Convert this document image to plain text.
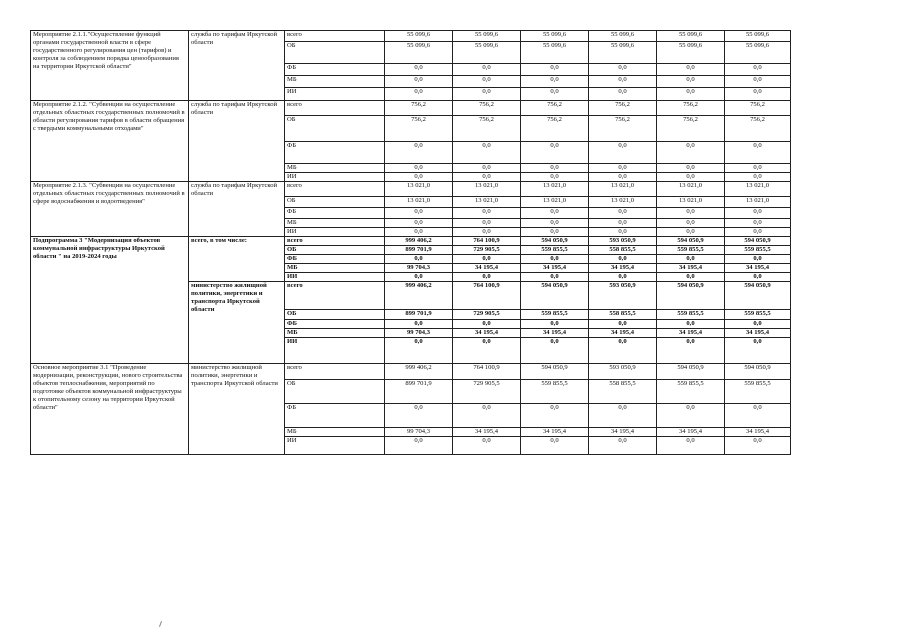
Мероприятие 2.1.1."Осуществление функций органами государственной власти в сфере государственного регулирования цен (тарифов) и контроля за соблюдением порядка ценообразования на территории Иркутской области"	служба по тарифам Иркутской области	всего	55 099,6	55 099,6	55 099,6	55 099,6	55 099,6	55 099,6
		ОБ	55 099,6	55 099,6	55 099,6	55 099,6	55 099,6	55 099,6
		ФБ	0,0	0,0	0,0	0,0	0,0	0,0
		МБ	0,0	0,0	0,0	0,0	0,0	0,0
		ИИ	0,0	0,0	0,0	0,0	0,0	0,0
Мероприятие 2.1.2. "Субвенции на осуществление отдельных областных государственных полномочий в области регулирования тарифов в области обращения с твердыми коммунальными отходами"	служба по тарифам Иркутской области	всего	756,2	756,2	756,2	756,2	756,2	756,2
		ОБ	756,2	756,2	756,2	756,2	756,2	756,2
		ФБ	0,0	0,0	0,0	0,0	0,0	0,0
		МБ	0,0	0,0	0,0	0,0	0,0	0,0
		ИИ	0,0	0,0	0,0	0,0	0,0	0,0
Мероприятие 2.1.3. "Субвенции на осуществление отдельных областных государственных полномочий в сфере водоснабжения и водоотведения"	служба по тарифам Иркутской области	всего	13 021,0	13 021,0	13 021,0	13 021,0	13 021,0	13 021,0
		ОБ	13 021,0	13 021,0	13 021,0	13 021,0	13 021,0	13 021,0
		ФБ	0,0	0,0	0,0	0,0	0,0	0,0
		МБ	0,0	0,0	0,0	0,0	0,0	0,0
		ИИ	0,0	0,0	0,0	0,0	0,0	0,0
Подпрограмма 3 "Модернизация объектов коммунальной инфраструктуры Иркутской области " на 2019-2024 годы	всего, в том числе:	всего	999 406,2	764 100,9	594 050,9	593 050,9	594 050,9	594 050,9
		ОБ	899 701,9	729 905,5	559 855,5	558 855,5	559 855,5	559 855,5
		ФБ	0,0	0,0	0,0	0,0	0,0	0,0
		МБ	99 704,3	34 195,4	34 195,4	34 195,4	34 195,4	34 195,4
		ИИ	0,0	0,0	0,0	0,0	0,0	0,0
	министерство жилищной политики, энергетики и транспорта Иркутской области	всего	999 406,2	764 100,9	594 050,9	593 050,9	594 050,9	594 050,9
		ОБ	899 701,9	729 905,5	559 855,5	558 855,5	559 855,5	559 855,5
		ФБ	0,0	0,0	0,0	0,0	0,0	0,0
		МБ	99 704,3	34 195,4	34 195,4	34 195,4	34 195,4	34 195,4
		ИИ	0,0	0,0	0,0	0,0	0,0	0,0
Основное мероприятие 3.1 "Проведение модернизации, реконструкции, нового строительства объектов теплоснабжения, мероприятий по подготовке объектов коммунальной инфраструктуры к отопительному сезону на территории Иркутской области"	министерство жилищной политики, энергетики и транспорта Иркутской области	всего	999 406,2	764 100,9	594 050,9	593 050,9	594 050,9	594 050,9
		ОБ	899 701,9	729 905,5	559 855,5	558 855,5	559 855,5	559 855,5
		ФБ	0,0	0,0	0,0	0,0	0,0	0,0
		МБ	99 704,3	34 195,4	34 195,4	34 195,4	34 195,4	34 195,4
		ИИ	0,0	0,0	0,0	0,0	0,0	0,0
